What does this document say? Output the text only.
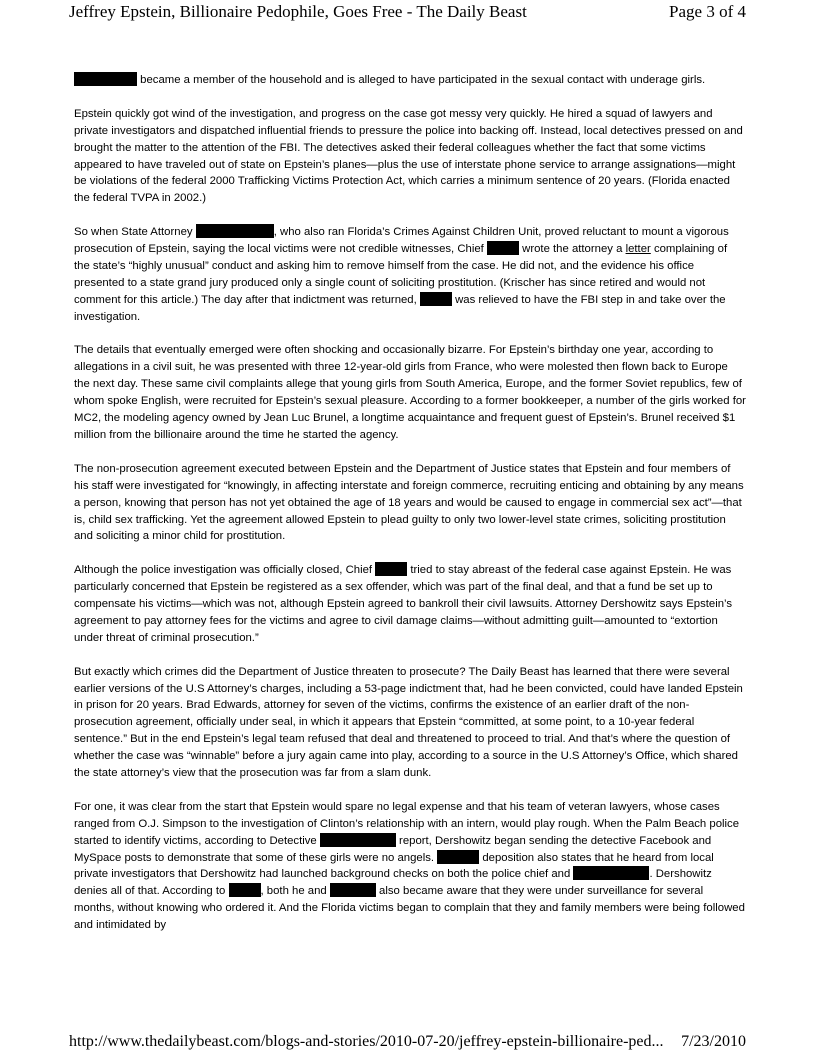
Jeffrey Epstein, Billionaire Pedophile, Goes Free - The Daily Beast	Page 3 of 4

became a member of the household and is alleged to have participated in the sexual contact with underage girls.

Epstein quickly got wind of the investigation, and progress on the case got messy very quickly. He hired a squad of lawyers and private investigators and dispatched influential friends to pressure the police into backing off. Instead, local detectives pressed on and brought the matter to the attention of the FBI. The detectives asked their federal colleagues whether the fact that some victims appeared to have traveled out of state on Epstein’s planes—plus the use of interstate phone service to arrange assignations—might be violations of the federal 2000 Trafficking Victims Protection Act, which carries a minimum sentence of 20 years. (Florida enacted the federal TVPA in 2002.)

So when State Attorney	, who also ran Florida’s Crimes Against Children Unit, proved reluctant to mount a vigorous prosecution of Epstein, saying the local victims were not credible witnesses, Chief	wrote the attorney a letter complaining of the state’s “highly unusual” conduct and asking him to remove himself from the case. He did not, and the evidence his office presented to a state grand jury produced only a single count of soliciting prostitution. (Krischer has since retired and would not comment for this article.) The day after that indictment was returned,	was relieved to have the FBI step in and take over the investigation.

The details that eventually emerged were often shocking and occasionally bizarre. For Epstein’s birthday one year, according to allegations in a civil suit, he was presented with three 12-year-old girls from France, who were molested then flown back to Europe the next day. These same civil complaints allege that young girls from South America, Europe, and the former Soviet republics, few of whom spoke English, were recruited for Epstein’s sexual pleasure. According to a former bookkeeper, a number of the girls worked for MC2, the modeling agency owned by Jean Luc Brunel, a longtime acquaintance and frequent guest of Epstein’s. Brunel received $1 million from the billionaire around the time he started the agency.

The non-prosecution agreement executed between Epstein and the Department of Justice states that Epstein and four members of his staff were investigated for “knowingly, in affecting interstate and foreign commerce, recruiting enticing and obtaining by any means a person, knowing that person has not yet obtained the age of 18 years and would be caused to engage in commercial sex act”—that is, child sex trafficking. Yet the agreement allowed Epstein to plead guilty to only two lower-level state crimes, soliciting prostitution and soliciting a minor child for prostitution.

Although the police investigation was officially closed, Chief	tried to stay abreast of the federal case against Epstein. He was particularly concerned that Epstein be registered as a sex offender, which was part of the final deal, and that a fund be set up to compensate his victims—which was not, although Epstein agreed to bankroll their civil lawsuits. Attorney Dershowitz says Epstein’s agreement to pay attorney fees for the victims and agree to civil damage claims—without admitting guilt—amounted to “extortion under threat of criminal prosecution.”

But exactly which crimes did the Department of Justice threaten to prosecute? The Daily Beast has learned that there were several earlier versions of the U.S Attorney’s charges, including a 53-page indictment that, had he been convicted, could have landed Epstein in prison for 20 years. Brad Edwards, attorney for seven of the victims, confirms the existence of an earlier draft of the non-prosecution agreement, officially under seal, in which it appears that Epstein “committed, at some point, to a 10-year federal sentence.” But in the end Epstein’s legal team refused that deal and threatened to proceed to trial. And that’s where the question of whether the case was “winnable” before a jury again came into play, according to a source in the U.S Attorney’s Office, which shared the state attorney’s view that the prosecution was far from a slam dunk.

For one, it was clear from the start that Epstein would spare no legal expense and that his team of veteran lawyers, whose cases ranged from O.J. Simpson to the investigation of Clinton’s relationship with an intern, would play rough. When the Palm Beach police started to identify victims, according to Detective	report, Dershowitz began sending the detective Facebook and MySpace posts to demonstrate that some of these girls were no angels.	deposition also states that he heard from local private investigators that Dershowitz had launched background checks on both the police chief and	. Dershowitz denies all of that. According to	, both he and	also became aware that they were under surveillance for several months, without knowing who ordered it. And the Florida victims began to complain that they and family members were being followed and intimidated by

http://www.thedailybeast.com/blogs-and-stories/2010-07-20/jeffrey-epstein-billionaire-ped... 7/23/2010
